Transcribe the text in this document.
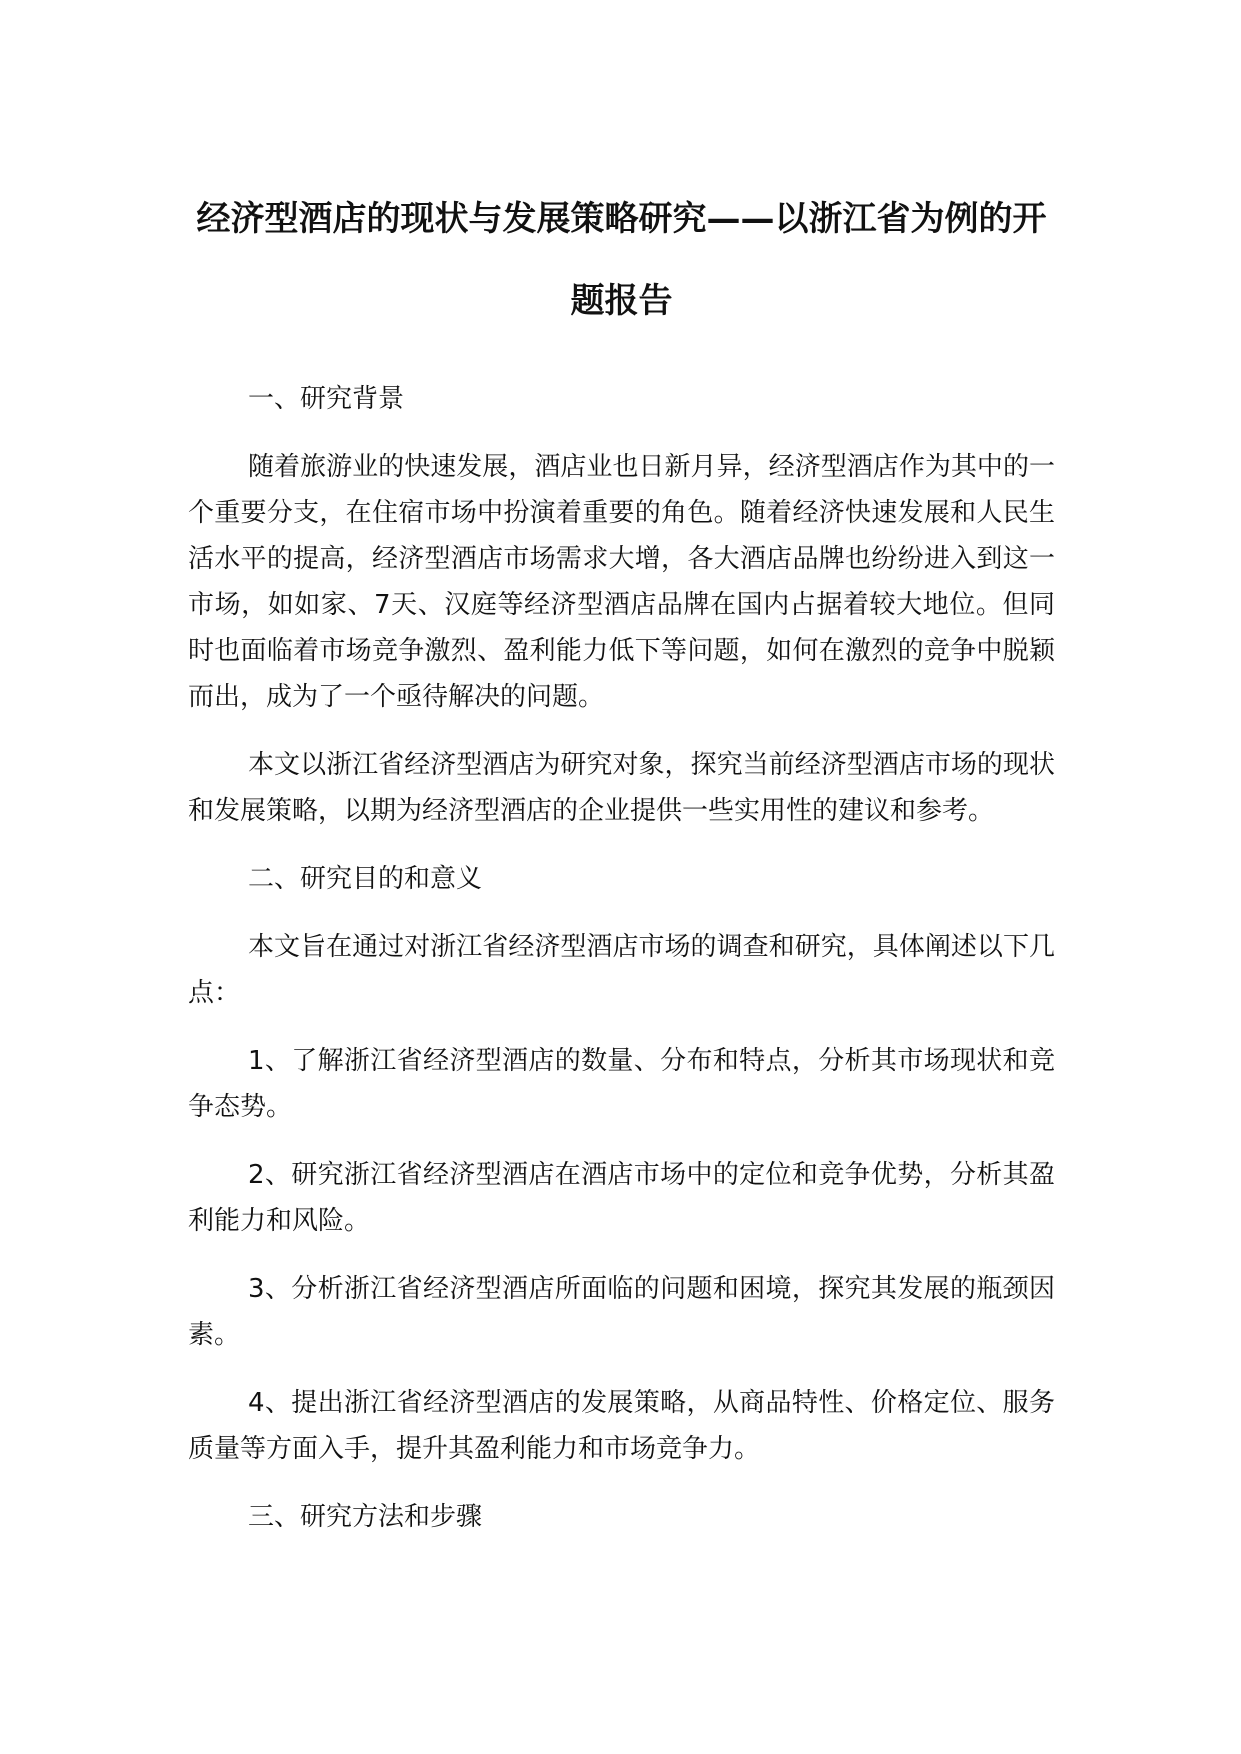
经济型酒店的现状与发展策略研究——以浙江省为例的开题报告

一、研究背景

随着旅游业的快速发展，酒店业也日新月异，经济型酒店作为其中的一个重要分支，在住宿市场中扮演着重要的角色。随着经济快速发展和人民生活水平的提高，经济型酒店市场需求大增，各大酒店品牌也纷纷进入到这一市场，如如家、7天、汉庭等经济型酒店品牌在国内占据着较大地位。但同时也面临着市场竞争激烈、盈利能力低下等问题，如何在激烈的竞争中脱颖而出，成为了一个亟待解决的问题。

本文以浙江省经济型酒店为研究对象，探究当前经济型酒店市场的现状和发展策略，以期为经济型酒店的企业提供一些实用性的建议和参考。

二、研究目的和意义

本文旨在通过对浙江省经济型酒店市场的调查和研究，具体阐述以下几点：

1、了解浙江省经济型酒店的数量、分布和特点，分析其市场现状和竞争态势。

2、研究浙江省经济型酒店在酒店市场中的定位和竞争优势，分析其盈利能力和风险。

3、分析浙江省经济型酒店所面临的问题和困境，探究其发展的瓶颈因素。

4、提出浙江省经济型酒店的发展策略，从商品特性、价格定位、服务质量等方面入手，提升其盈利能力和市场竞争力。

三、研究方法和步骤
